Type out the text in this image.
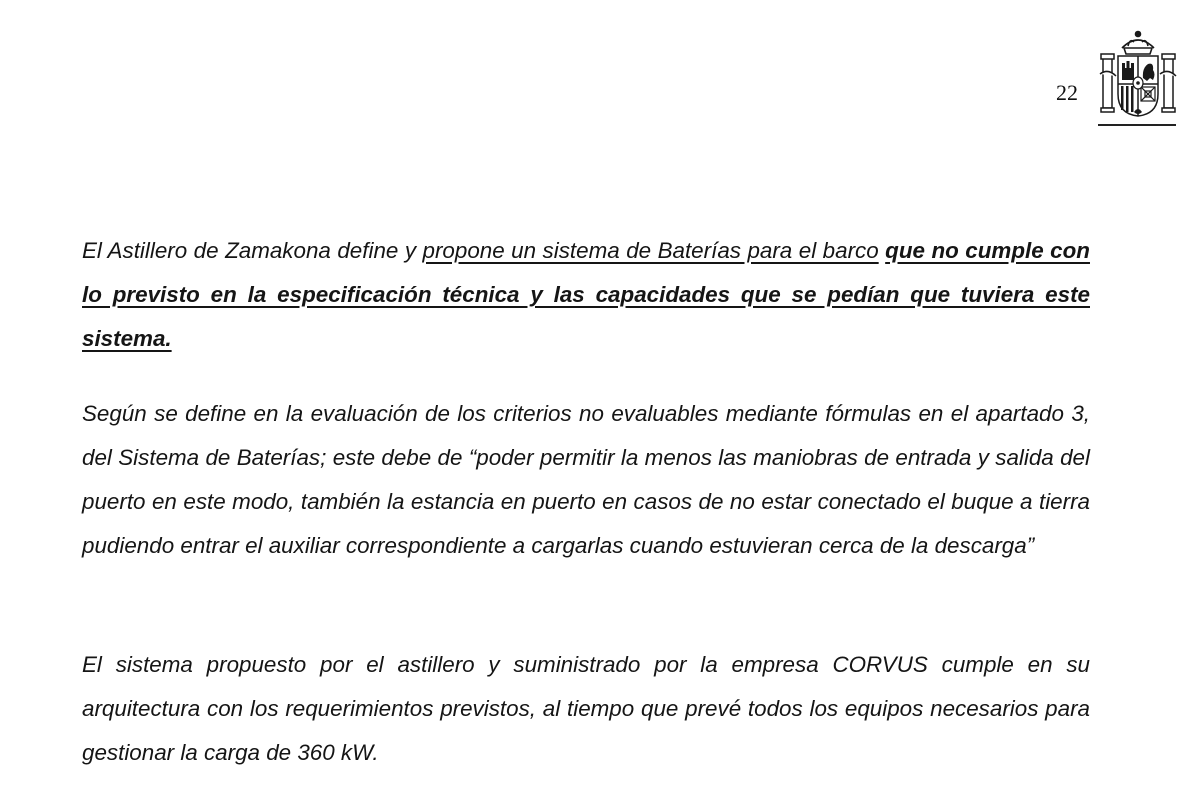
22
El Astillero de Zamakona define y propone un sistema de Baterías para el barco que no cumple con lo previsto en la especificación técnica y las capacidades que se pedían que tuviera este sistema.
Según se define en la evaluación de los criterios no evaluables mediante fórmulas en el apartado 3, del Sistema de Baterías; este debe de “poder permitir la menos las maniobras de entrada y salida del puerto en este modo, también la estancia en puerto en casos de no estar conectado el buque a tierra pudiendo entrar el auxiliar correspondiente a cargarlas cuando estuvieran cerca de la descarga”
El sistema propuesto por el astillero y suministrado por la empresa CORVUS cumple en su arquitectura con los requerimientos previstos, al tiempo que prevé todos los equipos necesarios para gestionar la carga de 360 kW.
